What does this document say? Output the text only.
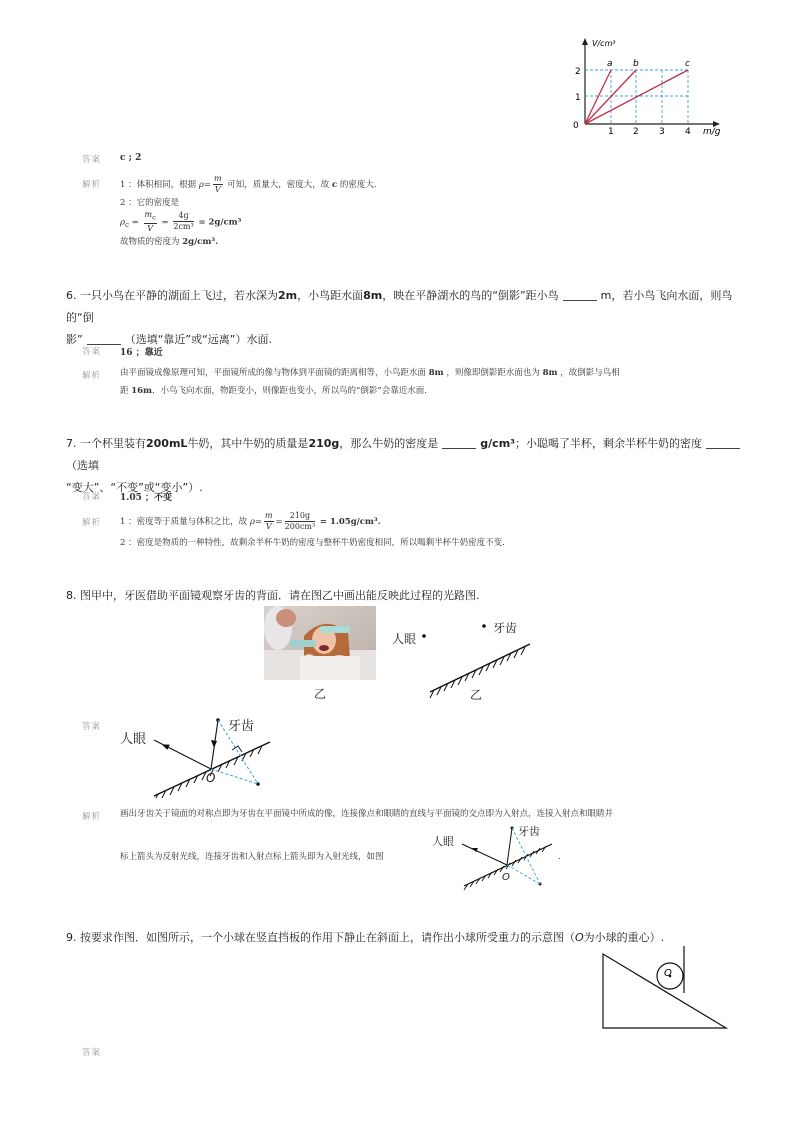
V/cm³
m/g
0
1
2
1 2 3 4
a b	c
答案 c ; 2
解析 1 ：体积相同，根据 $\rho= \frac{m}{V}$ 可知，质量大，密度大，故 c 的密度大.
2 ：它的密度是
$\rho_c = \frac{m_c}{V} = \frac{4g}{\text{2cm³}} = 2g/cm^3$
故物质的密度为 2g/cm³.
6. 一只小鸟在平静的湖面上飞过，若水深为2m，小鸟距水面8m，映在平静湖水的鸟的“倒影”距小鸟	m，若小鸟飞向水面，则鸟的“倒
影”	（选填“靠近”或“远离”）水面.
答案 16 ；靠近
解析 由平面镜成像原理可知，平面镜所成的像与物体到平面镜的距离相等，小鸟距水面 8m ，则像即倒影距水面也为 8m ，故倒影与鸟相
距 16m．小鸟飞向水面，物距变小，则像距也变小，所以鸟的“倒影”会靠近水面.
7. 一个杯里装有200mL牛奶，其中牛奶的质量是210g，那么牛奶的密度是	g/cm³；小聪喝了半杯，剩余半杯牛奶的密度（选填
“变大”、“不变”或“变小”）.
答案 1.05 ；不变
解析 1 ：密度等于质量与体积之比，故 $\rho= \frac{m}{V} = \frac{210g}{\text{200cm³}} = 1.05g/cm^3$.
2 ：密度是物质的一种特性，故剩余半杯牛奶的密度与整杯牛奶密度相同，所以喝剩半杯牛奶密度不变.
8. 图甲中，牙医借助平面镜观察牙齿的背面．请在图乙中画出能反映此过程的光路图.
乙
人眼
牙齿
乙
答案
人眼
牙齿
O
解析 画出牙齿关于镜面的对称点即为牙齿在平面镜中所成的像，连接像点和眼睛的直线与平面镜的交点即为入射点，连接入射点和眼睛并
标上箭头为反射光线，连接牙齿和入射点标上箭头即为入射光线，如图
人眼
牙齿
O
.
9. 按要求作图．如图所示，一个小球在竖直挡板的作用下静止在斜面上，请作出小球所受重力的示意图（O为小球的重心）.
O
答案
